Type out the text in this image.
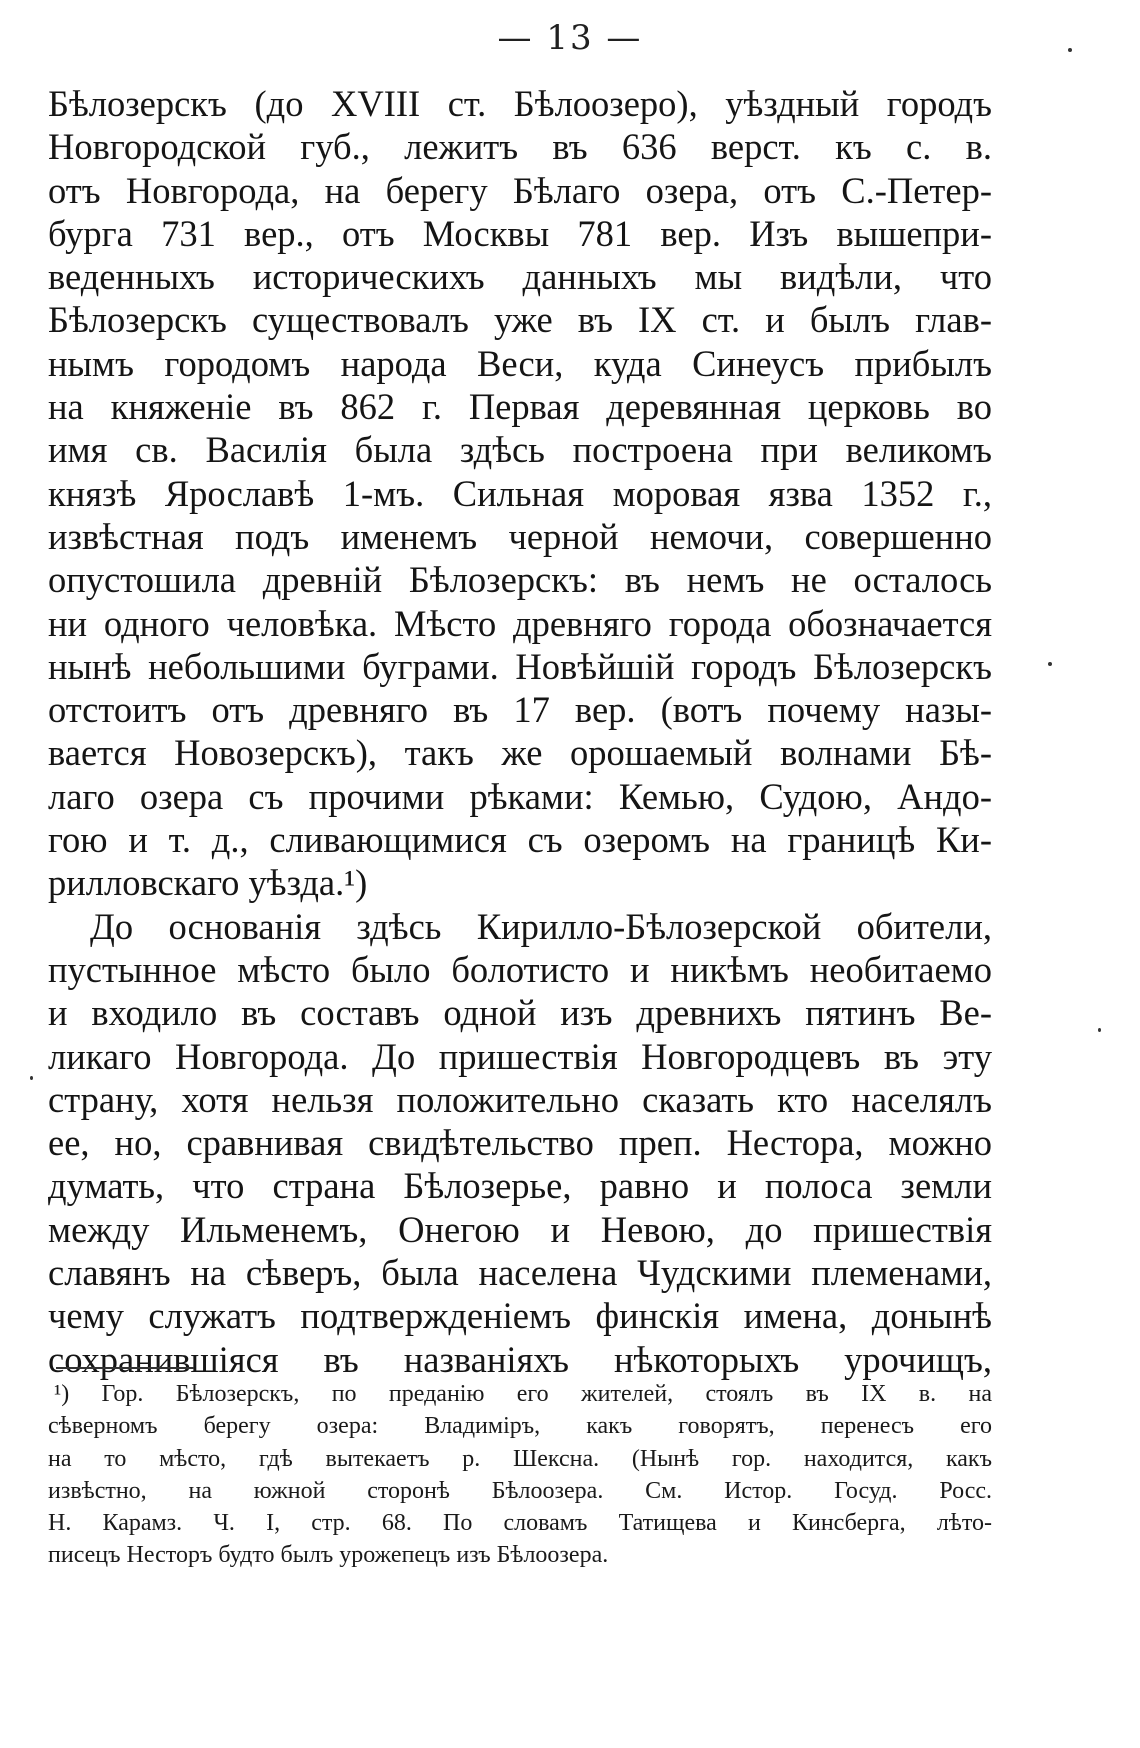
— 13 —
Бѣлозерскъ (до XVIII ст. Бѣлоозеро), уѣздный городъ
Новгородской губ., лежитъ въ 636 верст. къ с. в.
отъ Новгорода, на берегу Бѣлаго озера, отъ С.-Петер-
бурга 731 вер., отъ Москвы 781 вер. Изъ вышепри-
веденныхъ историческихъ данныхъ мы видѣли, что
Бѣлозерскъ существовалъ уже въ IX ст. и былъ глав-
нымъ городомъ народа Веси, куда Синеусъ прибылъ
на княженіе въ 862 г. Первая деревянная церковь во
имя св. Василія была здѣсь построена при великомъ
князѣ Ярославѣ 1-мъ. Сильная моровая язва 1352 г.,
извѣстная подъ именемъ черной немочи, совершенно
опустошила древній Бѣлозерскъ: въ немъ не осталось
ни одного человѣка. Мѣсто древняго города обозначается
нынѣ небольшими буграми. Новѣйшій городъ Бѣлозерскъ
отстоитъ отъ древняго въ 17 вер. (вотъ почему назы-
вается Новозерскъ), такъ же орошаемый волнами Бѣ-
лаго озера съ прочими рѣками: Кемью, Судою, Андо-
гою и т. д., сливающимися съ озеромъ на границѣ Ки-
рилловскаго уѣзда.¹)
До основанія здѣсь Кирилло-Бѣлозерской обители,
пустынное мѣсто было болотисто и никѣмъ необитаемо
и входило въ составъ одной изъ древнихъ пятинъ Ве-
ликаго Новгорода. До пришествія Новгородцевъ въ эту
страну, хотя нельзя положительно сказать кто населялъ
ее, но, сравнивая свидѣтельство преп. Нестора, можно
думать, что страна Бѣлозерье, равно и полоса земли
между Ильменемъ, Онегою и Невою, до пришествія
славянъ на сѣверъ, была населена Чудскими племенами,
чему служатъ подтвержденіемъ финскія имена, донынѣ
сохранившіяся въ названіяхъ нѣкоторыхъ урочищъ,
¹) Гор. Бѣлозерскъ, по преданію его жителей, стоялъ въ IX в. на
сѣверномъ берегу озера: Владиміръ, какъ говорятъ, перенесъ его
на то мѣсто, гдѣ вытекаетъ р. Шексна. (Нынѣ гор. находится, какъ
извѣстно, на южной сторонѣ Бѣлоозера. См. Истор. Госуд. Росс.
Н. Карамз. Ч. I, стр. 68. По словамъ Татищева и Кинсберга, лѣто-
писецъ Несторъ будто былъ урожепецъ изъ Бѣлоозера.
